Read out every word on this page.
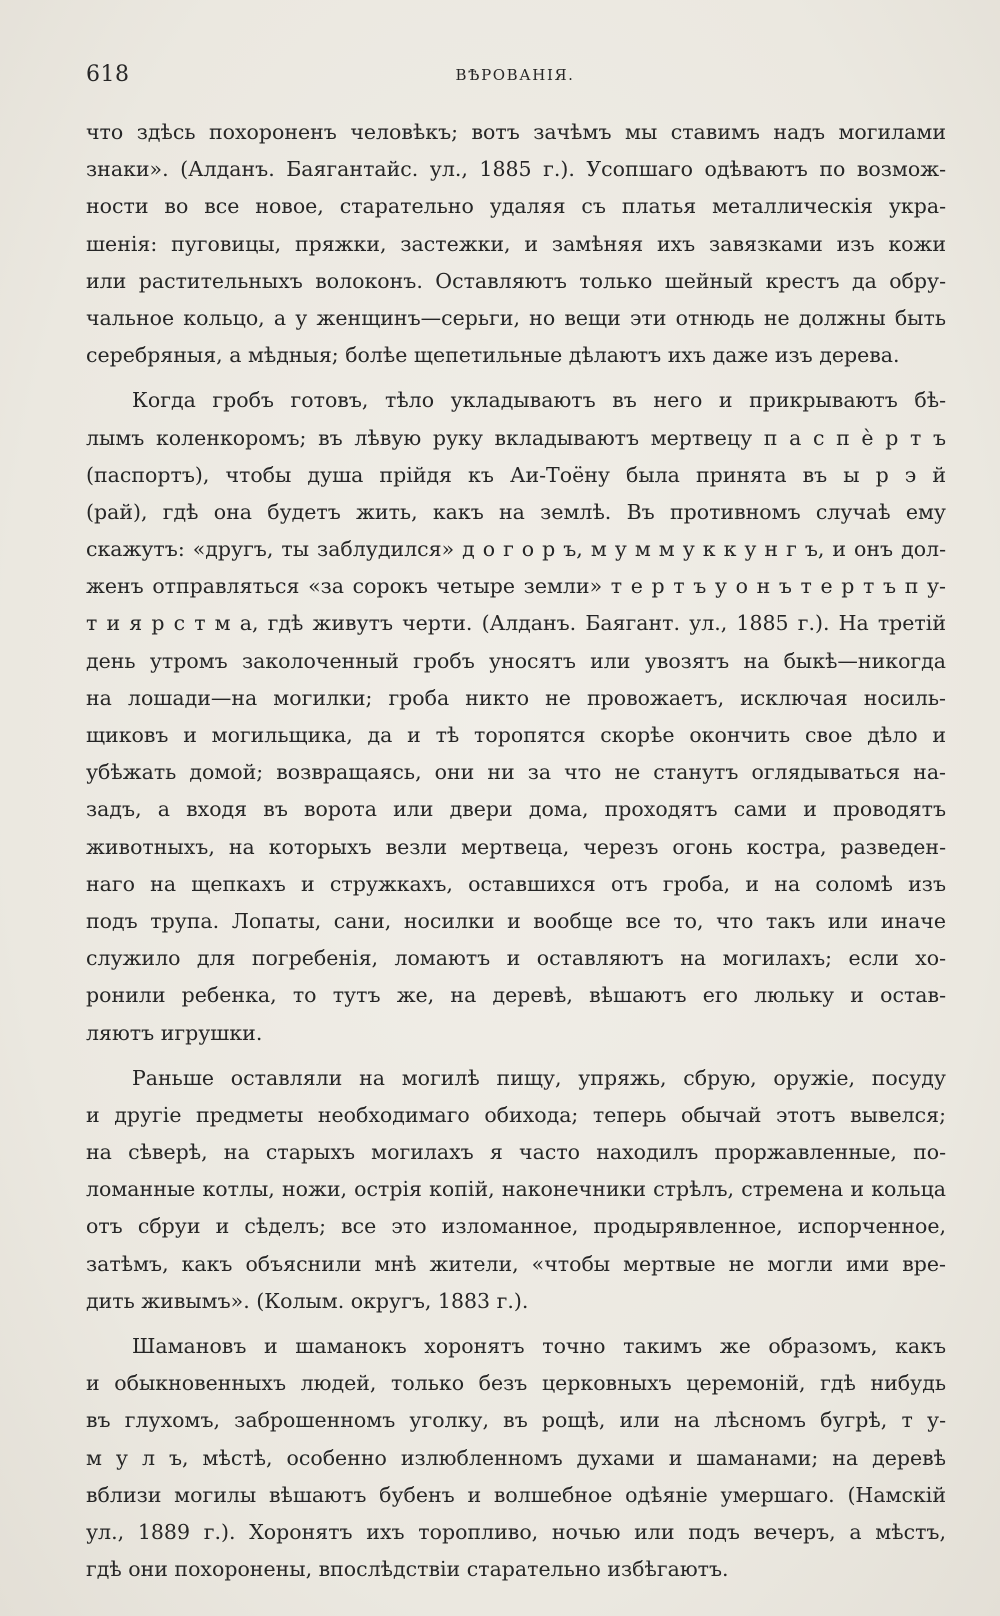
618	ВѢРОВАНІЯ.
что здѣсь похороненъ человѣкъ; вотъ зачѣмъ мы ставимъ надъ могилами
знаки». (Алданъ. Баягантайс. ул., 1885 г.). Усопшаго одѣваютъ по возмож-
ности во все новое, старательно удаляя съ платья металлическія укра-
шенія: пуговицы, пряжки, застежки, и замѣняя ихъ завязками изъ кожи
или растительныхъ волоконъ. Оставляютъ только шейный крестъ да обру-
чальное кольцо, а у женщинъ—серьги, но вещи эти отнюдь не должны быть
серебряныя, а мѣдныя; болѣе щепетильные дѣлаютъ ихъ даже изъ дерева.
Когда гробъ готовъ, тѣло укладываютъ въ него и прикрываютъ бѣ-
лымъ коленкоромъ; въ лѣвую руку вкладываютъ мертвецу п а с п ѐ р т ъ
(паспортъ), чтобы душа прійдя къ Аи-Тоёну была принята въ ы р э й
(рай), гдѣ она будетъ жить, какъ на землѣ. Въ противномъ случаѣ ему
скажутъ: «другъ, ты заблудился» д о г о р ъ, м у м м у к к у н г ъ, и онъ дол-
женъ отправляться «за сорокъ четыре земли» т е р т ъ у о н ъ т е р т ъ п у-
т и я р с т м а, гдѣ живутъ черти. (Алданъ. Баягант. ул., 1885 г.). На третій
день утромъ заколоченный гробъ уносятъ или увозятъ на быкѣ—никогда
на лошади—на могилки; гроба никто не провожаетъ, исключая носиль-
щиковъ и могильщика, да и тѣ торопятся скорѣе окончить свое дѣло и
убѣжать домой; возвращаясь, они ни за что не станутъ оглядываться на-
задъ, а входя въ ворота или двери дома, проходятъ сами и проводятъ
животныхъ, на которыхъ везли мертвеца, черезъ огонь костра, разведен-
наго на щепкахъ и стружкахъ, оставшихся отъ гроба, и на соломѣ изъ
подъ трупа. Лопаты, сани, носилки и вообще все то, что такъ или иначе
служило для погребенія, ломаютъ и оставляютъ на могилахъ; если хо-
ронили ребенка, то тутъ же, на деревѣ, вѣшаютъ его люльку и остав-
ляютъ игрушки.
Раньше оставляли на могилѣ пищу, упряжь, сбрую, оружіе, посуду
и другіе предметы необходимаго обихода; теперь обычай этотъ вывелся;
на сѣверѣ, на старыхъ могилахъ я часто находилъ проржавленные, по-
ломанные котлы, ножи, острія копій, наконечники стрѣлъ, стремена и кольца
отъ сбруи и сѣделъ; все это изломанное, продырявленное, испорченное,
затѣмъ, какъ объяснили мнѣ жители, «чтобы мертвые не могли ими вре-
дить живымъ». (Колым. округъ, 1883 г.).
Шамановъ и шаманокъ хоронятъ точно такимъ же образомъ, какъ
и обыкновенныхъ людей, только безъ церковныхъ церемоній, гдѣ нибудь
въ глухомъ, заброшенномъ уголку, въ рощѣ, или на лѣсномъ бугрѣ, т у-
м у л ъ, мѣстѣ, особенно излюбленномъ духами и шаманами; на деревѣ
вблизи могилы вѣшаютъ бубенъ и волшебное одѣяніе умершаго. (Намскій
ул., 1889 г.). Хоронятъ ихъ торопливо, ночью или подъ вечеръ, а мѣстъ,
гдѣ они похоронены, впослѣдствіи старательно избѣгаютъ.
